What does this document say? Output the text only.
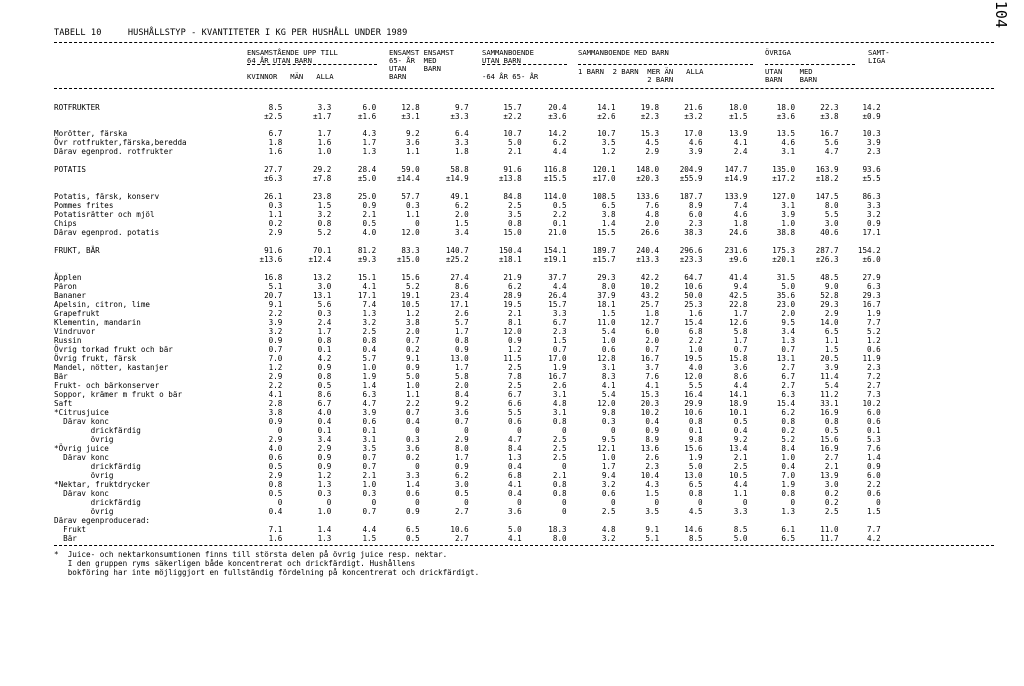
TABELL 10     HUSHÅLLSTYP - KVANTITETER I KG PER HUSHÅLL UNDER 1989
104
ENSAMSTÅENDE UPP TILL
64 ÅR UTAN BARN
KVINNOR   MÄN   ALLA
ENSAMST ENSAMST
65- ÅR  MED
UTAN    BARN
BARN
SAMMANBOENDE
UTAN BARN
-64 ÅR 65- ÅR
SAMMANBOENDE MED BARN
1 BARN  2 BARN  MER ÄN   ALLA
2 BARN
ÖVRIGA
UTAN    MED
BARN    BARN
SAMT-
LIGA
ROTFRUKTER	8.5	3.3	6.0	12.8	9.7	15.7	20.4	14.1	19.8	21.6	18.0	18.0	22.3	14.2
±2.5	±1.7	±1.6	±3.1	±3.3	±2.2	±3.6	±2.6	±2.3	±3.2	±1.5	±3.6	±3.8	±0.9
Morötter, färska	6.7	1.7	4.3	9.2	6.4	10.7	14.2	10.7	15.3	17.0	13.9	13.5	16.7	10.3
Övr rotfrukter,färska,beredda	1.8	1.6	1.7	3.6	3.3	5.0	6.2	3.5	4.5	4.6	4.1	4.6	5.6	3.9
Därav egenprod. rotfrukter	1.6	1.0	1.3	1.1	1.8	2.1	4.4	1.2	2.9	3.9	2.4	3.1	4.7	2.3
POTATIS	27.7	29.2	28.4	59.0	58.8	91.6	116.8	120.1	148.0	204.9	147.7	135.0	163.9	93.6
±6.3	±7.8	±5.0	±14.4	±14.9	±13.8	±15.5	±17.0	±20.3	±55.9	±14.9	±17.2	±18.2	±5.5
Potatis, färsk, konserv	26.1	23.8	25.0	57.7	49.1	84.8	114.0	108.5	133.6	187.7	133.9	127.0	147.5	86.3
Pommes frites	0.3	1.5	0.9	0.3	6.2	2.5	0.5	6.5	7.6	8.9	7.4	3.1	8.0	3.3
Potatisrätter och mjöl	1.1	3.2	2.1	1.1	2.0	3.5	2.2	3.8	4.8	6.0	4.6	3.9	5.5	3.2
Chips	0.2	0.8	0.5	0	1.5	0.8	0.1	1.4	2.0	2.3	1.8	1.0	3.0	0.9
Därav egenprod. potatis	2.9	5.2	4.0	12.0	3.4	15.0	21.0	15.5	26.6	38.3	24.6	38.8	40.6	17.1
FRUKT, BÄR	91.6	70.1	81.2	83.3	140.7	150.4	154.1	189.7	240.4	296.6	231.6	175.3	287.7	154.2
±13.6	±12.4	±9.3	±15.0	±25.2	±18.1	±19.1	±15.7	±13.3	±23.3	±9.6	±20.1	±26.3	±6.0
Äpplen	16.8	13.2	15.1	15.6	27.4	21.9	37.7	29.3	42.2	64.7	41.4	31.5	48.5	27.9
Päron	5.1	3.0	4.1	5.2	8.6	6.2	4.4	8.0	10.2	10.6	9.4	5.0	9.0	6.3
Bananer	20.7	13.1	17.1	19.1	23.4	28.9	26.4	37.9	43.2	50.0	42.5	35.6	52.8	29.3
Apelsin, citron, lime	9.1	5.6	7.4	10.5	17.1	19.5	15.7	18.1	25.7	25.3	22.8	23.0	29.3	16.7
Grapefrukt	2.2	0.3	1.3	1.2	2.6	2.1	3.3	1.5	1.8	1.6	1.7	2.0	2.9	1.9
Klementin, mandarin	3.9	2.4	3.2	3.8	5.7	8.1	6.7	11.0	12.7	15.4	12.6	9.5	14.0	7.7
Vindruvor	3.2	1.7	2.5	2.0	1.7	12.0	2.3	5.4	6.0	6.8	5.8	3.4	6.5	5.2
Russin	0.9	0.8	0.8	0.7	0.8	0.9	1.5	1.0	2.0	2.2	1.7	1.3	1.1	1.2
Övrig torkad frukt och bär	0.7	0.1	0.4	0.2	0.9	1.2	0.7	0.6	0.7	1.0	0.7	0.7	1.5	0.6
Övrig frukt, färsk	7.0	4.2	5.7	9.1	13.0	11.5	17.0	12.8	16.7	19.5	15.8	13.1	20.5	11.9
Mandel, nötter, kastanjer	1.2	0.9	1.0	0.9	1.7	2.5	1.9	3.1	3.7	4.0	3.6	2.7	3.9	2.3
Bär	2.9	0.8	1.9	5.0	5.8	7.8	16.7	8.3	7.6	12.0	8.6	6.7	11.4	7.2
Frukt- och bärkonserver	2.2	0.5	1.4	1.0	2.0	2.5	2.6	4.1	4.1	5.5	4.4	2.7	5.4	2.7
Soppor, krämer m frukt o bär	4.1	8.6	6.3	1.1	8.4	6.7	3.1	5.4	15.3	16.4	14.1	6.3	11.2	7.3
Saft	2.8	6.7	4.7	2.2	9.2	6.6	4.8	12.0	20.3	29.9	18.9	15.4	33.1	10.2
*Citrusjuice	3.8	4.0	3.9	0.7	3.6	5.5	3.1	9.8	10.2	10.6	10.1	6.2	16.9	6.0
Därav konc	0.9	0.4	0.6	0.4	0.7	0.6	0.8	0.3	0.4	0.8	0.5	0.8	0.8	0.6
drickfärdig	0	0.1	0.1	0	0	0	0	0	0.9	0.1	0.4	0.2	0.5	0.1
övrig	2.9	3.4	3.1	0.3	2.9	4.7	2.5	9.5	8.9	9.8	9.2	5.2	15.6	5.3
*Övrig juice	4.0	2.9	3.5	3.6	8.0	8.4	2.5	12.1	13.6	15.6	13.4	8.4	16.9	7.6
Därav konc	0.6	0.9	0.7	0.2	1.7	1.3	2.5	1.0	2.6	1.9	2.1	1.0	2.7	1.4
drickfärdig	0.5	0.9	0.7	0	0.9	0.4	0	1.7	2.3	5.0	2.5	0.4	2.1	0.9
övrig	2.9	1.2	2.1	3.3	6.2	6.8	2.1	9.4	10.4	13.0	10.5	7.0	13.9	6.0
*Nektar, fruktdrycker	0.8	1.3	1.0	1.4	3.0	4.1	0.8	3.2	4.3	6.5	4.4	1.9	3.0	2.2
Därav konc	0.5	0.3	0.3	0.6	0.5	0.4	0.8	0.6	1.5	0.8	1.1	0.8	0.2	0.6
drickfärdig	0	0	0	0	0	0	0	0	0	0	0	0	0.2	0
övrig	0.4	1.0	0.7	0.9	2.7	3.6	0	2.5	3.5	4.5	3.3	1.3	2.5	1.5
Därav egenproducerad:
Frukt	7.1	1.4	4.4	6.5	10.6	5.0	18.3	4.8	9.1	14.6	8.5	6.1	11.0	7.7
Bär	1.6	1.3	1.5	0.5	2.7	4.1	8.0	3.2	5.1	8.5	5.0	6.5	11.7	4.2
*  Juice- och nektarkonsumtionen finns till största delen på övrig juice resp. nektar.
I den gruppen ryms säkerligen både koncentrerat och drickfärdigt. Hushållens
bokföring har inte möjliggjort en fullständig fördelning på koncentrerat och drickfärdigt.
